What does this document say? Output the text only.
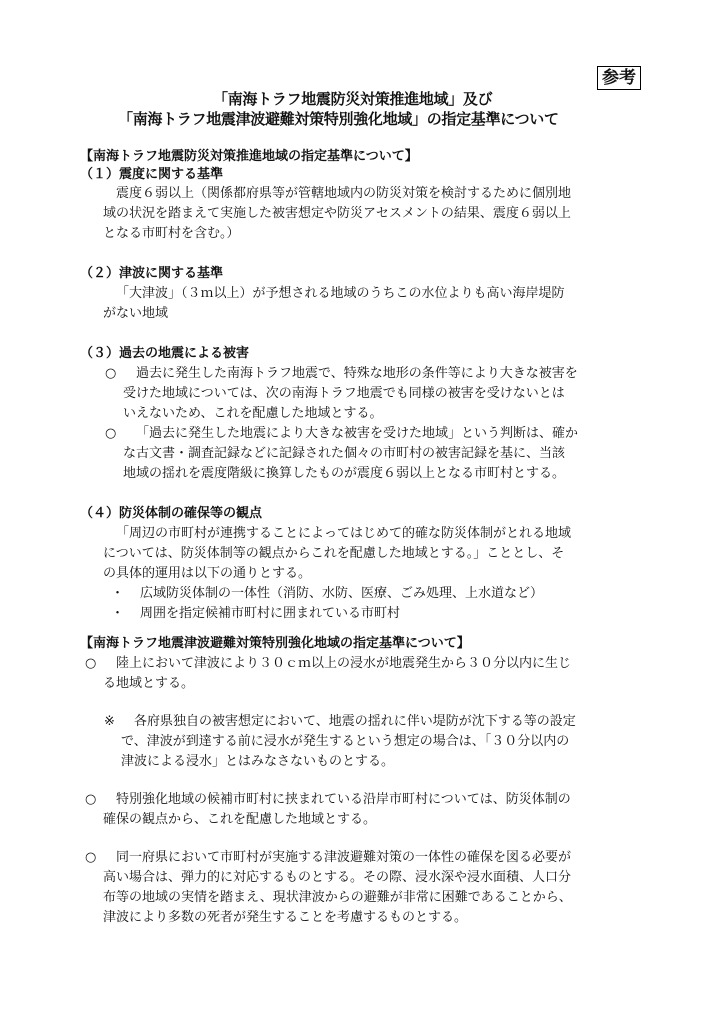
参考
「南海トラフ地震防災対策推進地域」及び
「南海トラフ地震津波避難対策特別強化地域」の指定基準について
【南海トラフ地震防災対策推進地域の指定基準について】
（１）震度に関する基準
震度６弱以上（関係都府県等が管轄地域内の防災対策を検討するために個別地
域の状況を踏まえて実施した被害想定や防災アセスメントの結果、震度６弱以上
となる市町村を含む。）
（２）津波に関する基準
「大津波」（３ｍ以上）が予想される地域のうちこの水位よりも高い海岸堤防
がない地域
（３）過去の地震による被害
○ 過去に発生した南海トラフ地震で、特殊な地形の条件等により大きな被害を
受けた地域については、次の南海トラフ地震でも同様の被害を受けないとは
いえないため、これを配慮した地域とする。
○ 「過去に発生した地震により大きな被害を受けた地域」という判断は、確か
な古文書・調査記録などに記録された個々の市町村の被害記録を基に、当該
地域の揺れを震度階級に換算したものが震度６弱以上となる市町村とする。
（４）防災体制の確保等の観点
「周辺の市町村が連携することによってはじめて的確な防災体制がとれる地域
については、防災体制等の観点からこれを配慮した地域とする。」こととし、そ
の具体的運用は以下の通りとする。
・ 広域防災体制の一体性（消防、水防、医療、ごみ処理、上水道など）
・ 周囲を指定候補市町村に囲まれている市町村
【南海トラフ地震津波避難対策特別強化地域の指定基準について】
○ 陸上において津波により３０ｃｍ以上の浸水が地震発生から３０分以内に生じ
る地域とする。
※ 各府県独自の被害想定において、地震の揺れに伴い堤防が沈下する等の設定
で、津波が到達する前に浸水が発生するという想定の場合は、「３０分以内の
津波による浸水」とはみなさないものとする。
○ 特別強化地域の候補市町村に挟まれている沿岸市町村については、防災体制の
確保の観点から、これを配慮した地域とする。
○ 同一府県において市町村が実施する津波避難対策の一体性の確保を図る必要が
高い場合は、弾力的に対応するものとする。その際、浸水深や浸水面積、人口分
布等の地域の実情を踏まえ、現状津波からの避難が非常に困難であることから、
津波により多数の死者が発生することを考慮するものとする。
